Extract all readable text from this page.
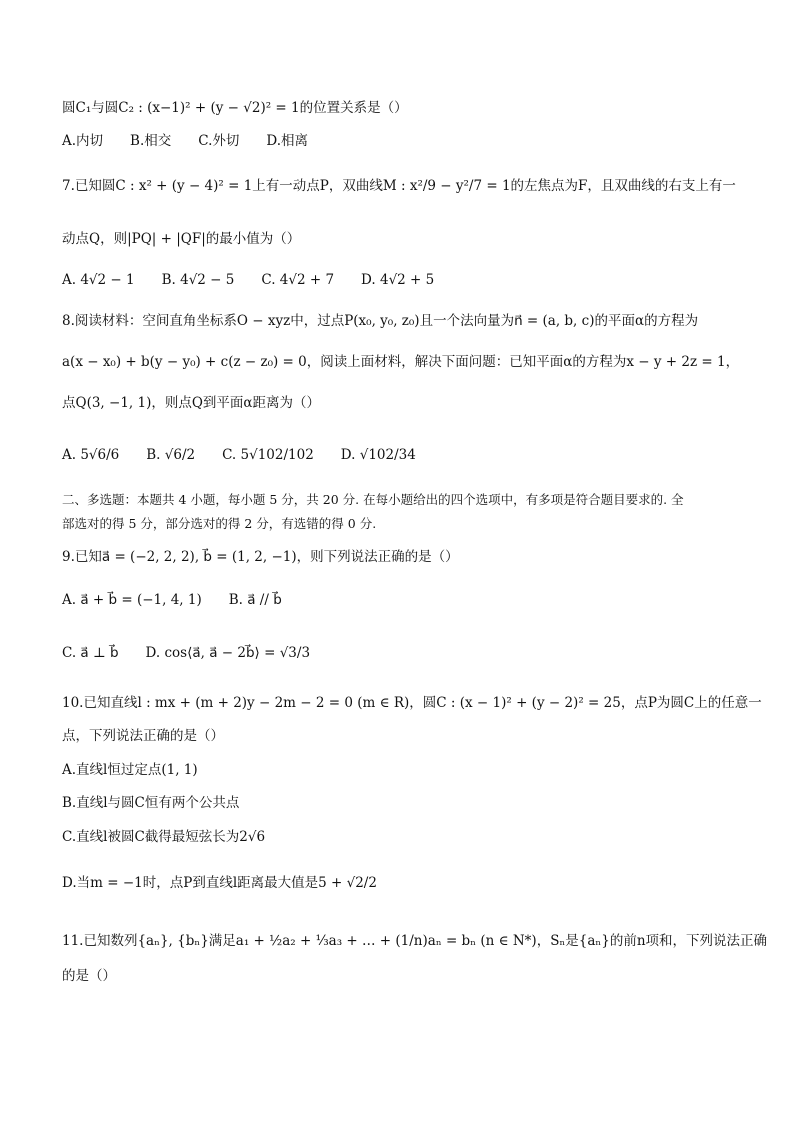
圆C₁与圆C₂ : (x−1)² + (y − √2)² = 1的位置关系是（）
A.内切　　B.相交　　C.外切　　D.相离
7.已知圆C : x² + (y − 4)² = 1上有一动点P，双曲线M : x²/9 − y²/7 = 1的左焦点为F，且双曲线的右支上有一
动点Q，则|PQ| + |QF|的最小值为（）
A. 4√2 − 1　　B. 4√2 − 5　　C. 4√2 + 7　　D. 4√2 + 5
8.阅读材料：空间直角坐标系O − xyz中，过点P(x₀, y₀, z₀)且一个法向量为n⃗ = (a, b, c)的平面α的方程为
a(x − x₀) + b(y − y₀) + c(z − z₀) = 0，阅读上面材料，解决下面问题：已知平面α的方程为x − y + 2z = 1，
点Q(3, −1, 1)，则点Q到平面α距离为（）
A. 5√6/6　　B. √6/2　　C. 5√102/102　　D. √102/34
二、多选题：本题共 4 小题，每小题 5 分，共 20 分. 在每小题给出的四个选项中，有多项是符合题目要求的. 全
部选对的得 5 分，部分选对的得 2 分，有选错的得 0 分.
9.已知a⃗ = (−2, 2, 2), b⃗ = (1, 2, −1)，则下列说法正确的是（）
A. a⃗ + b⃗ = (−1, 4, 1)　　B. a⃗ // b⃗
C. a⃗ ⊥ b⃗　　D. cos⟨a⃗, a⃗ − 2b⃗⟩ = √3/3
10.已知直线l : mx + (m + 2)y − 2m − 2 = 0 (m ∈ R)，圆C : (x − 1)² + (y − 2)² = 25，点P为圆C上的任意一
点，下列说法正确的是（）
A.直线l恒过定点(1, 1)
B.直线l与圆C恒有两个公共点
C.直线l被圆C截得最短弦长为2√6
D.当m = −1时，点P到直线l距离最大值是5 + √2/2
11.已知数列{aₙ}, {bₙ}满足a₁ + ½a₂ + ⅓a₃ + … + (1/n)aₙ = bₙ (n ∈ N*)，Sₙ是{aₙ}的前n项和，下列说法正确
的是（）
